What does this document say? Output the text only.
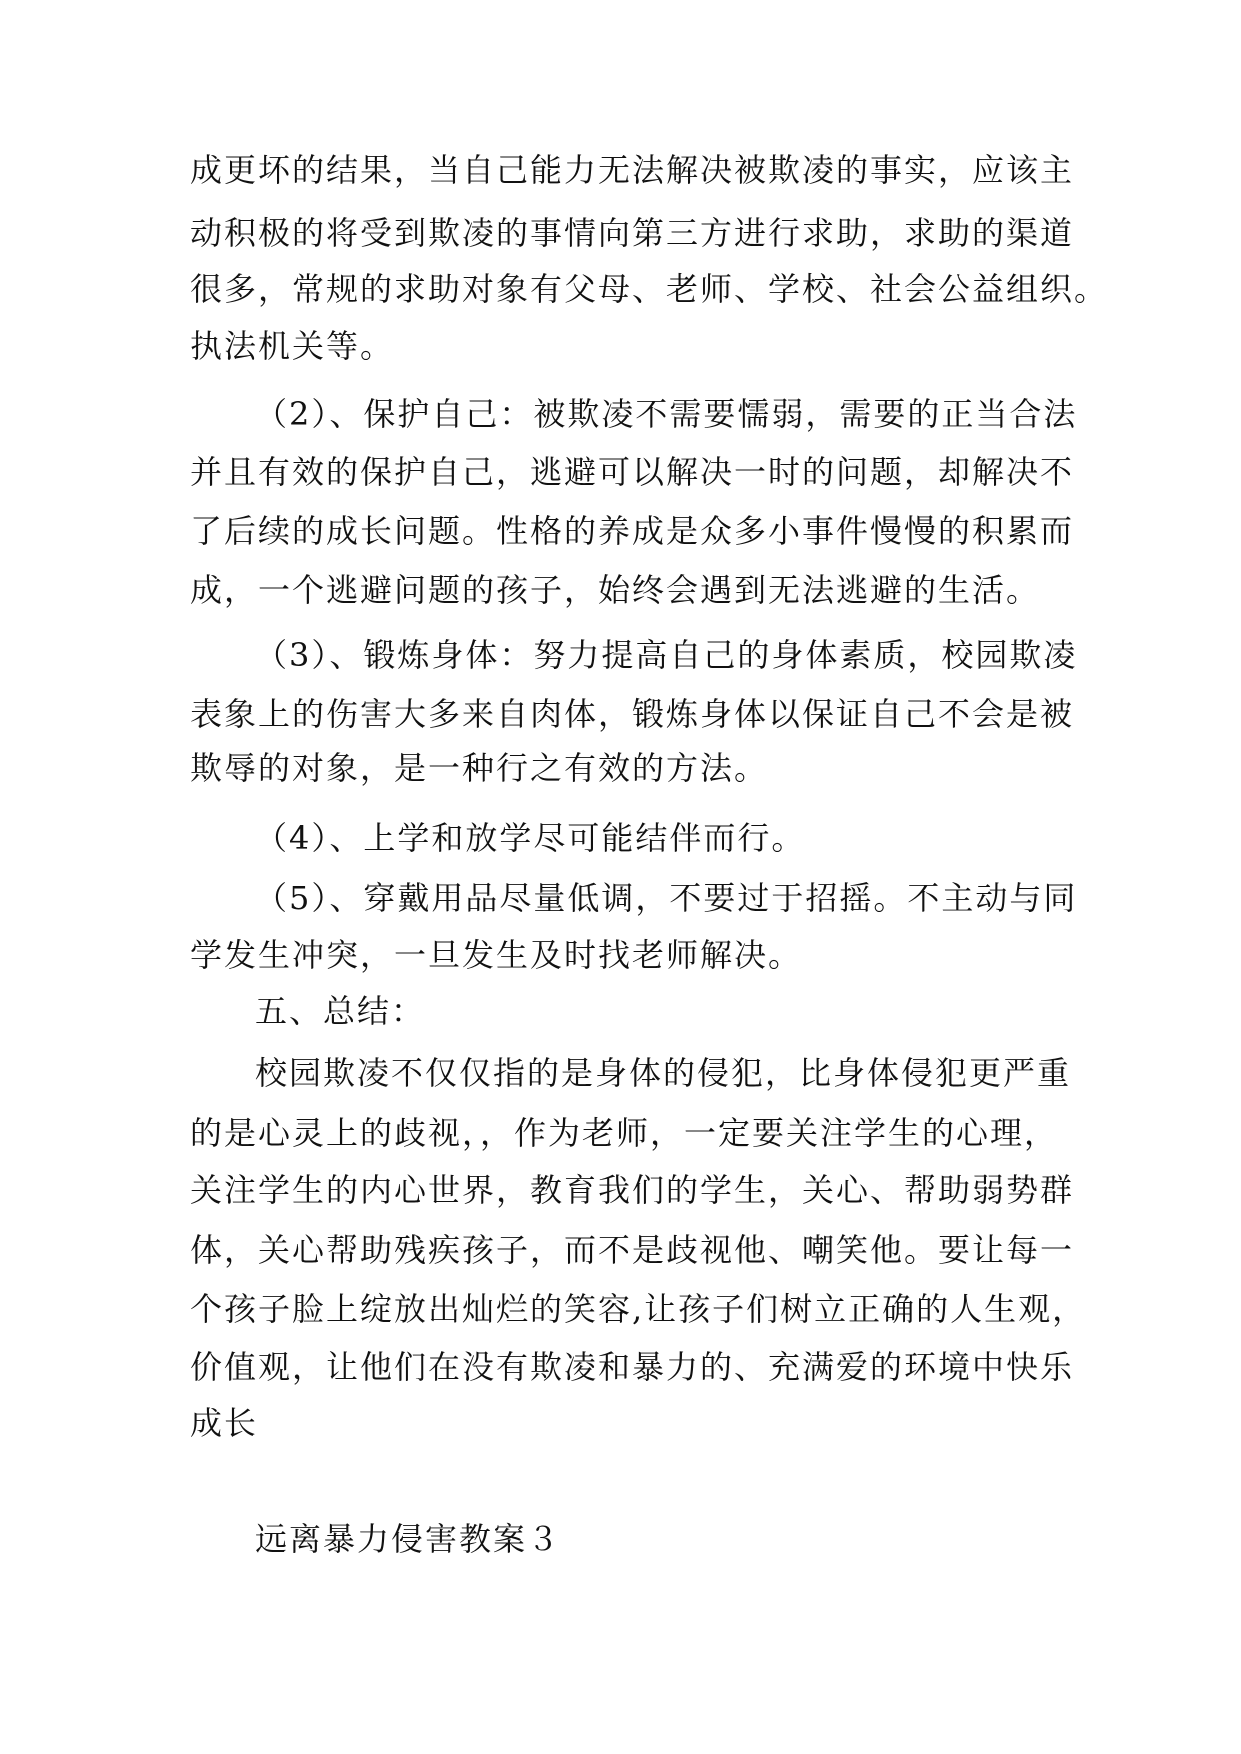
成更坏的结果，当自己能力无法解决被欺凌的事实，应该主
动积极的将受到欺凌的事情向第三方进行求助，求助的渠道
很多，常规的求助对象有父母、老师、学校、社会公益组织。
执法机关等。
（2）、保护自己：被欺凌不需要懦弱，需要的正当合法
并且有效的保护自己，逃避可以解决一时的问题，却解决不
了后续的成长问题。性格的养成是众多小事件慢慢的积累而
成，一个逃避问题的孩子，始终会遇到无法逃避的生活。
（3）、锻炼身体：努力提高自己的身体素质，校园欺凌
表象上的伤害大多来自肉体，锻炼身体以保证自己不会是被
欺辱的对象，是一种行之有效的方法。
（4）、上学和放学尽可能结伴而行。
（5）、穿戴用品尽量低调，不要过于招摇。不主动与同
学发生冲突，一旦发生及时找老师解决。
五、总结：
校园欺凌不仅仅指的是身体的侵犯，比身体侵犯更严重
的是心灵上的歧视，，作为老师，一定要关注学生的心理，
关注学生的内心世界，教育我们的学生，关心、帮助弱势群
体，关心帮助残疾孩子，而不是歧视他、嘲笑他。要让每一
个孩子脸上绽放出灿烂的笑容,让孩子们树立正确的人生观，
价值观，让他们在没有欺凌和暴力的、充满爱的环境中快乐
成长
远离暴力侵害教案３
